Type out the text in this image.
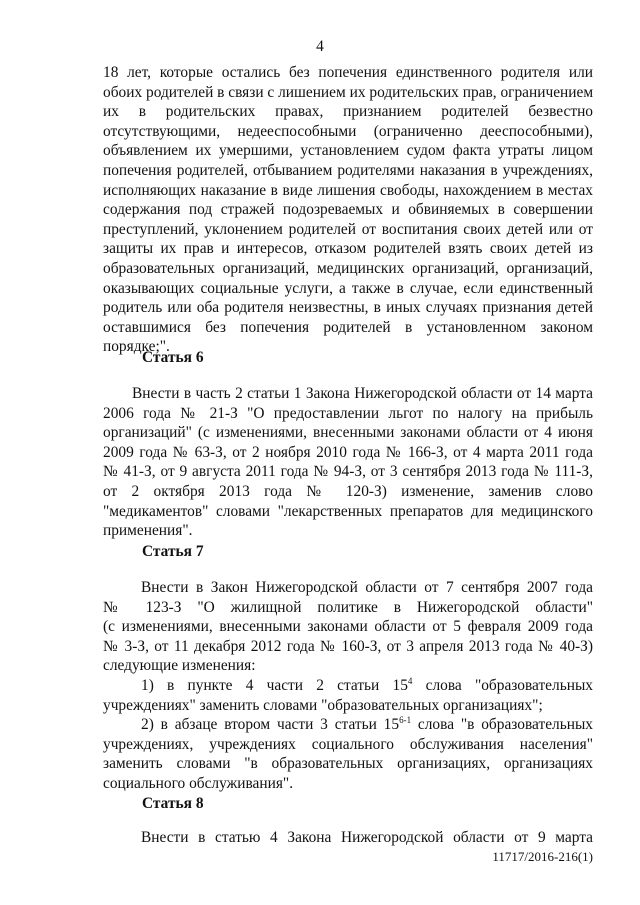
4
18 лет, которые остались без попечения единственного родителя или
обоих родителей в связи с лишением их родительских прав, ограничением
их в родительских правах, признанием родителей безвестно
отсутствующими, недееспособными (ограниченно дееспособными),
объявлением их умершими, установлением судом факта утраты лицом
попечения родителей, отбыванием родителями наказания в учреждениях,
исполняющих наказание в виде лишения свободы, нахождением в местах
содержания под стражей подозреваемых и обвиняемых в совершении
преступлений, уклонением родителей от воспитания своих детей или от
защиты их прав и интересов, отказом родителей взять своих детей из
образовательных организаций, медицинских организаций, организаций,
оказывающих социальные услуги, а также в случае, если единственный
родитель или оба родителя неизвестны, в иных случаях признания детей
оставшимися без попечения родителей в установленном законом
порядке;".
Статья 6
Внести в часть 2 статьи 1 Закона Нижегородской области от 14 марта
2006 года № 21-З "О предоставлении льгот по налогу на прибыль
организаций" (с изменениями, внесенными законами области от 4 июня
2009 года № 63-З, от 2 ноября 2010 года № 166-З, от 4 марта 2011 года
№ 41-З, от 9 августа 2011 года № 94-З, от 3 сентября 2013 года № 111-З,
от 2 октября 2013 года № 120-З) изменение, заменив слово
"медикаментов" словами "лекарственных препаратов для медицинского
применения".
Статья 7
Внести в Закон Нижегородской области от 7 сентября 2007 года
№ 123-З "О жилищной политике в Нижегородской области"
(с изменениями, внесенными законами области от 5 февраля 2009 года
№ 3-З, от 11 декабря 2012 года № 160-З, от 3 апреля 2013 года № 40-З)
следующие изменения:
1) в пункте 4 части 2 статьи $15^4$ слова "образовательных
учреждениях" заменить словами "образовательных организациях";
2) в абзаце втором части 3 статьи 15$^{6-1}$ слова "в образовательных
учреждениях, учреждениях социального обслуживания населения"
заменить словами "в образовательных организациях, организациях
социального обслуживания".
Статья 8
Внести в статью 4 Закона Нижегородской области от 9 марта
11717/2016-216(1)
